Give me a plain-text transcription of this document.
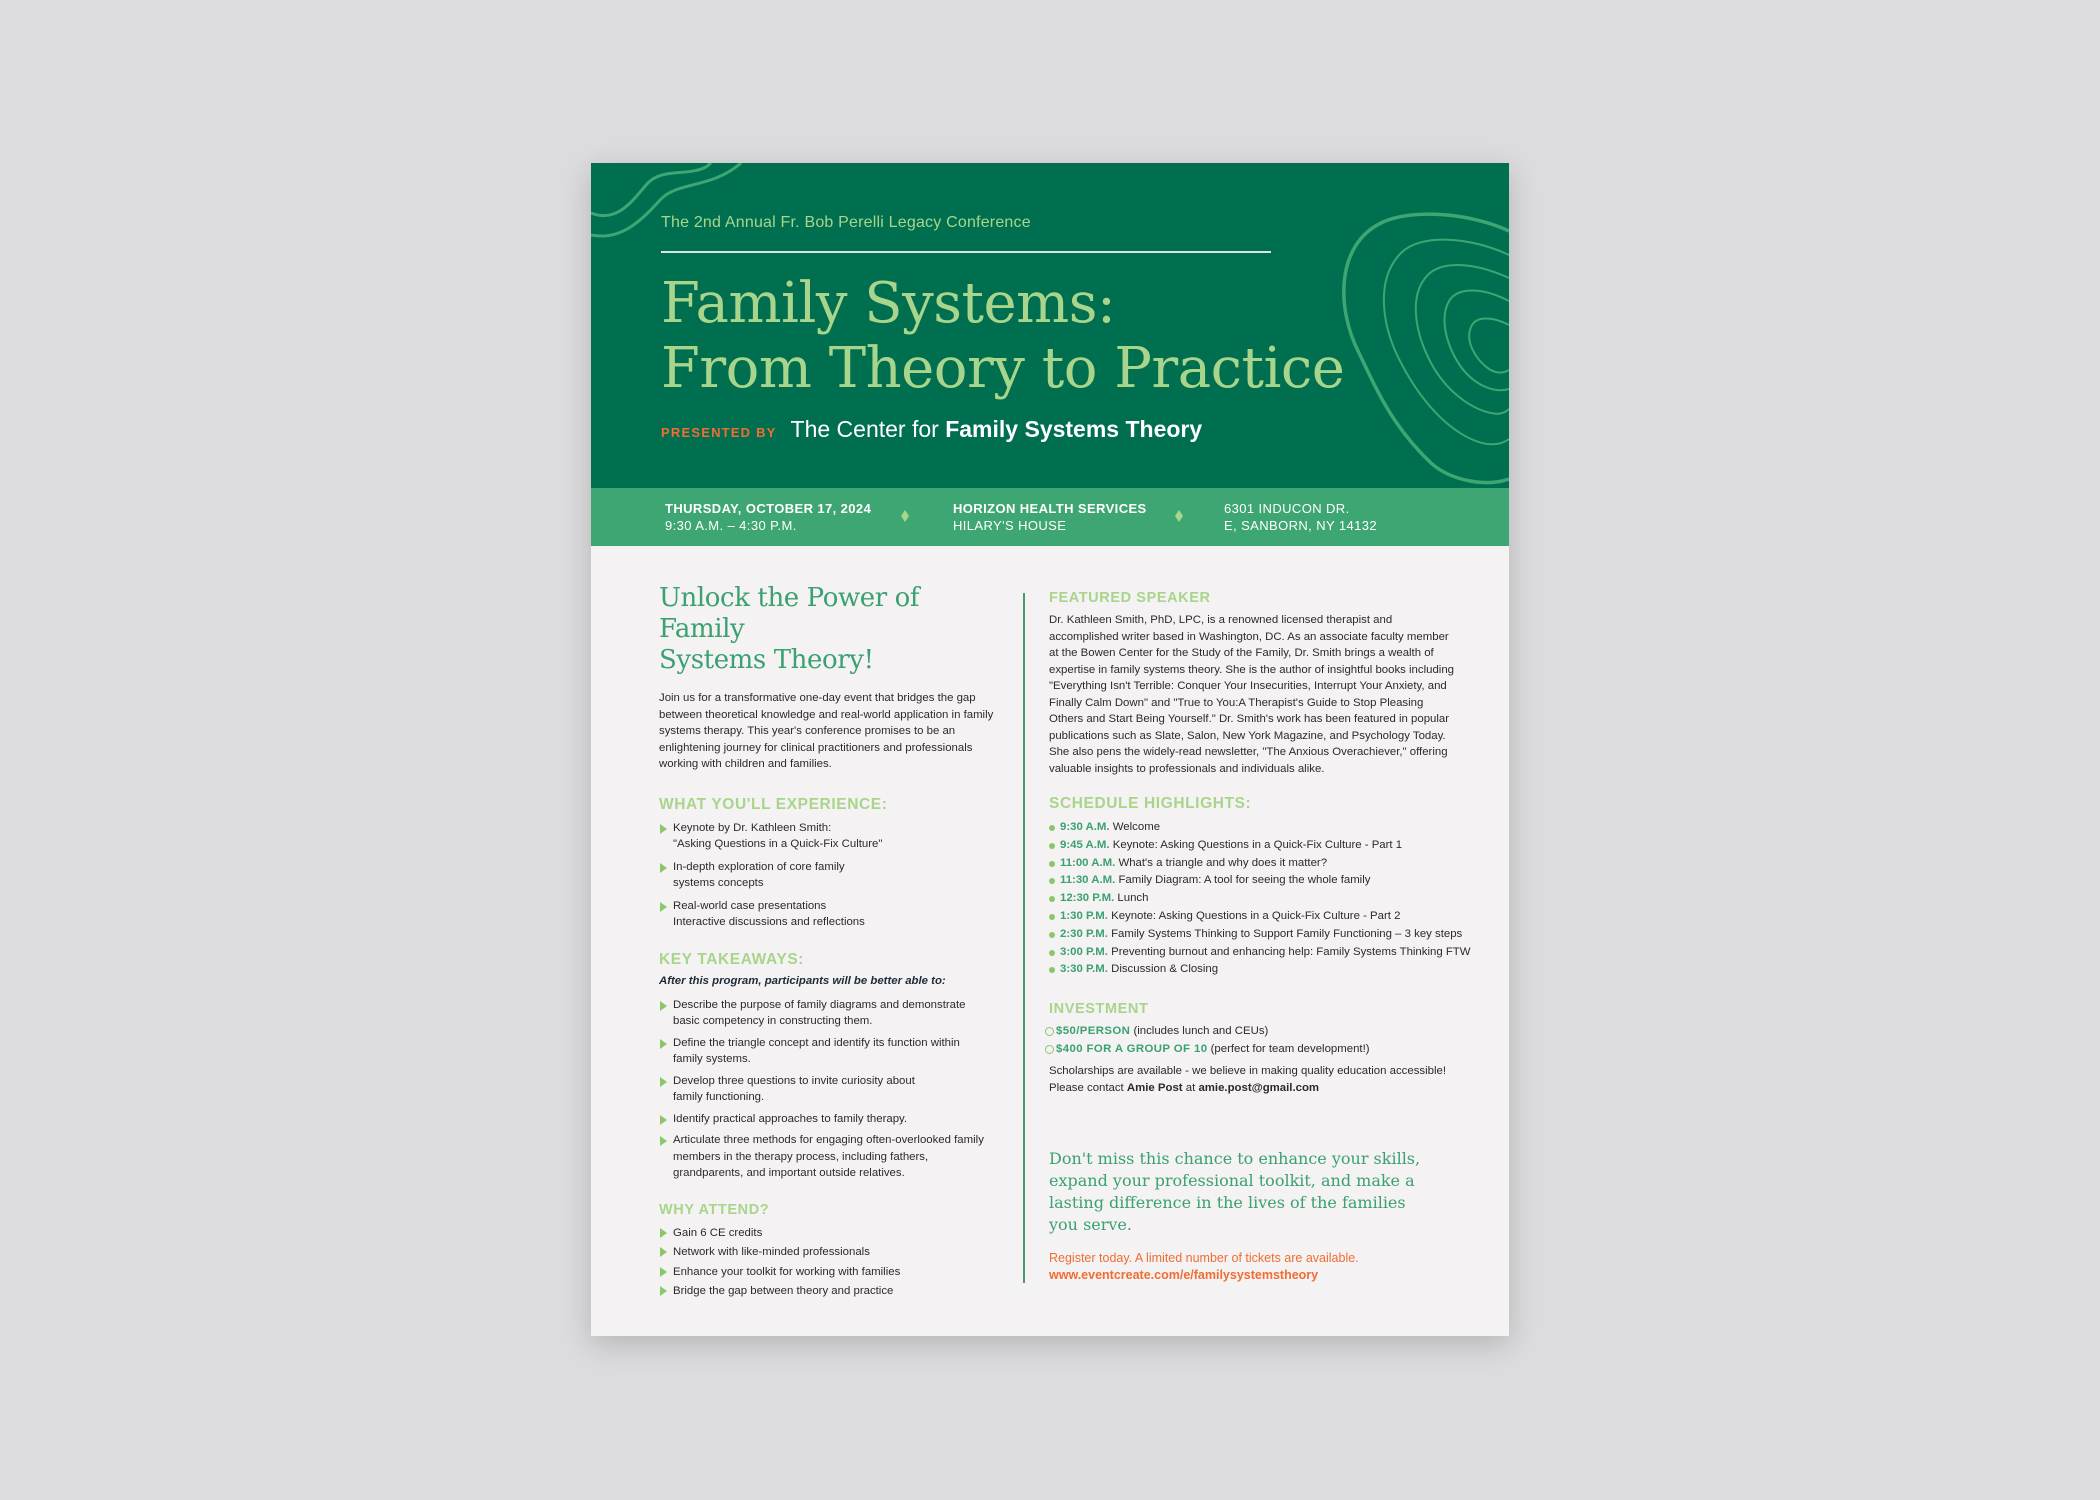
The 2nd Annual Fr. Bob Perelli Legacy Conference
Family Systems:
From Theory to Practice
PRESENTED BY The Center for Family Systems Theory
THURSDAY, OCTOBER 17, 2024
9:30 A.M. – 4:30 P.M.
HORIZON HEALTH SERVICES
HILARY'S HOUSE
6301 INDUCON DR.
E, SANBORN, NY 14132
Unlock the Power of Family
Systems Theory!

Join us for a transformative one-day event that bridges the gap between theoretical knowledge and real-world application in family systems therapy. This year's conference promises to be an enlightening journey for clinical practitioners and professionals working with children and families.

WHAT YOU'LL EXPERIENCE:
Keynote by Dr. Kathleen Smith:
"Asking Questions in a Quick-Fix Culture"
In-depth exploration of core family
systems concepts
Real-world case presentations
Interactive discussions and reflections
KEY TAKEAWAYS:
After this program, participants will be better able to:
Describe the purpose of family diagrams and demonstrate basic competency in constructing them.
Define the triangle concept and identify its function within family systems.
Develop three questions to invite curiosity about family functioning.
Identify practical approaches to family therapy.
Articulate three methods for engaging often-overlooked family members in the therapy process, including fathers, grandparents, and important outside relatives.
WHY ATTEND?
Gain 6 CE credits
Network with like-minded professionals
Enhance your toolkit for working with families
Bridge the gap between theory and practice
FEATURED SPEAKER

Dr. Kathleen Smith, PhD, LPC, is a renowned licensed therapist and accomplished writer based in Washington, DC. As an associate faculty member at the Bowen Center for the Study of the Family, Dr. Smith brings a wealth of expertise in family systems theory. She is the author of insightful books including "Everything Isn't Terrible: Conquer Your Insecurities, Interrupt Your Anxiety, and Finally Calm Down" and "True to You:A Therapist's Guide to Stop Pleasing Others and Start Being Yourself." Dr. Smith's work has been featured in popular publications such as Slate, Salon, New York Magazine, and Psychology Today. She also pens the widely-read newsletter, "The Anxious Overachiever," offering valuable insights to professionals and individuals alike.

SCHEDULE HIGHLIGHTS:
9:30 A.M. Welcome
9:45 A.M. Keynote: Asking Questions in a Quick-Fix Culture - Part 1
11:00 A.M. What's a triangle and why does it matter?
11:30 A.M. Family Diagram: A tool for seeing the whole family
12:30 P.M. Lunch
1:30 P.M. Keynote: Asking Questions in a Quick-Fix Culture - Part 2
2:30 P.M. Family Systems Thinking to Support Family Functioning – 3 key steps
3:00 P.M. Preventing burnout and enhancing help: Family Systems Thinking FTW
3:30 P.M. Discussion & Closing
INVESTMENT
$50/PERSON (includes lunch and CEUs)
$400 FOR A GROUP OF 10 (perfect for team development!)

Scholarships are available - we believe in making quality education accessible! Please contact Amie Post at amie.post@gmail.com

Don't miss this chance to enhance your skills, expand your professional toolkit, and make a lasting difference in the lives of the families you serve.

Register today. A limited number of tickets are available.

www.eventcreate.com/e/familysystemstheory
